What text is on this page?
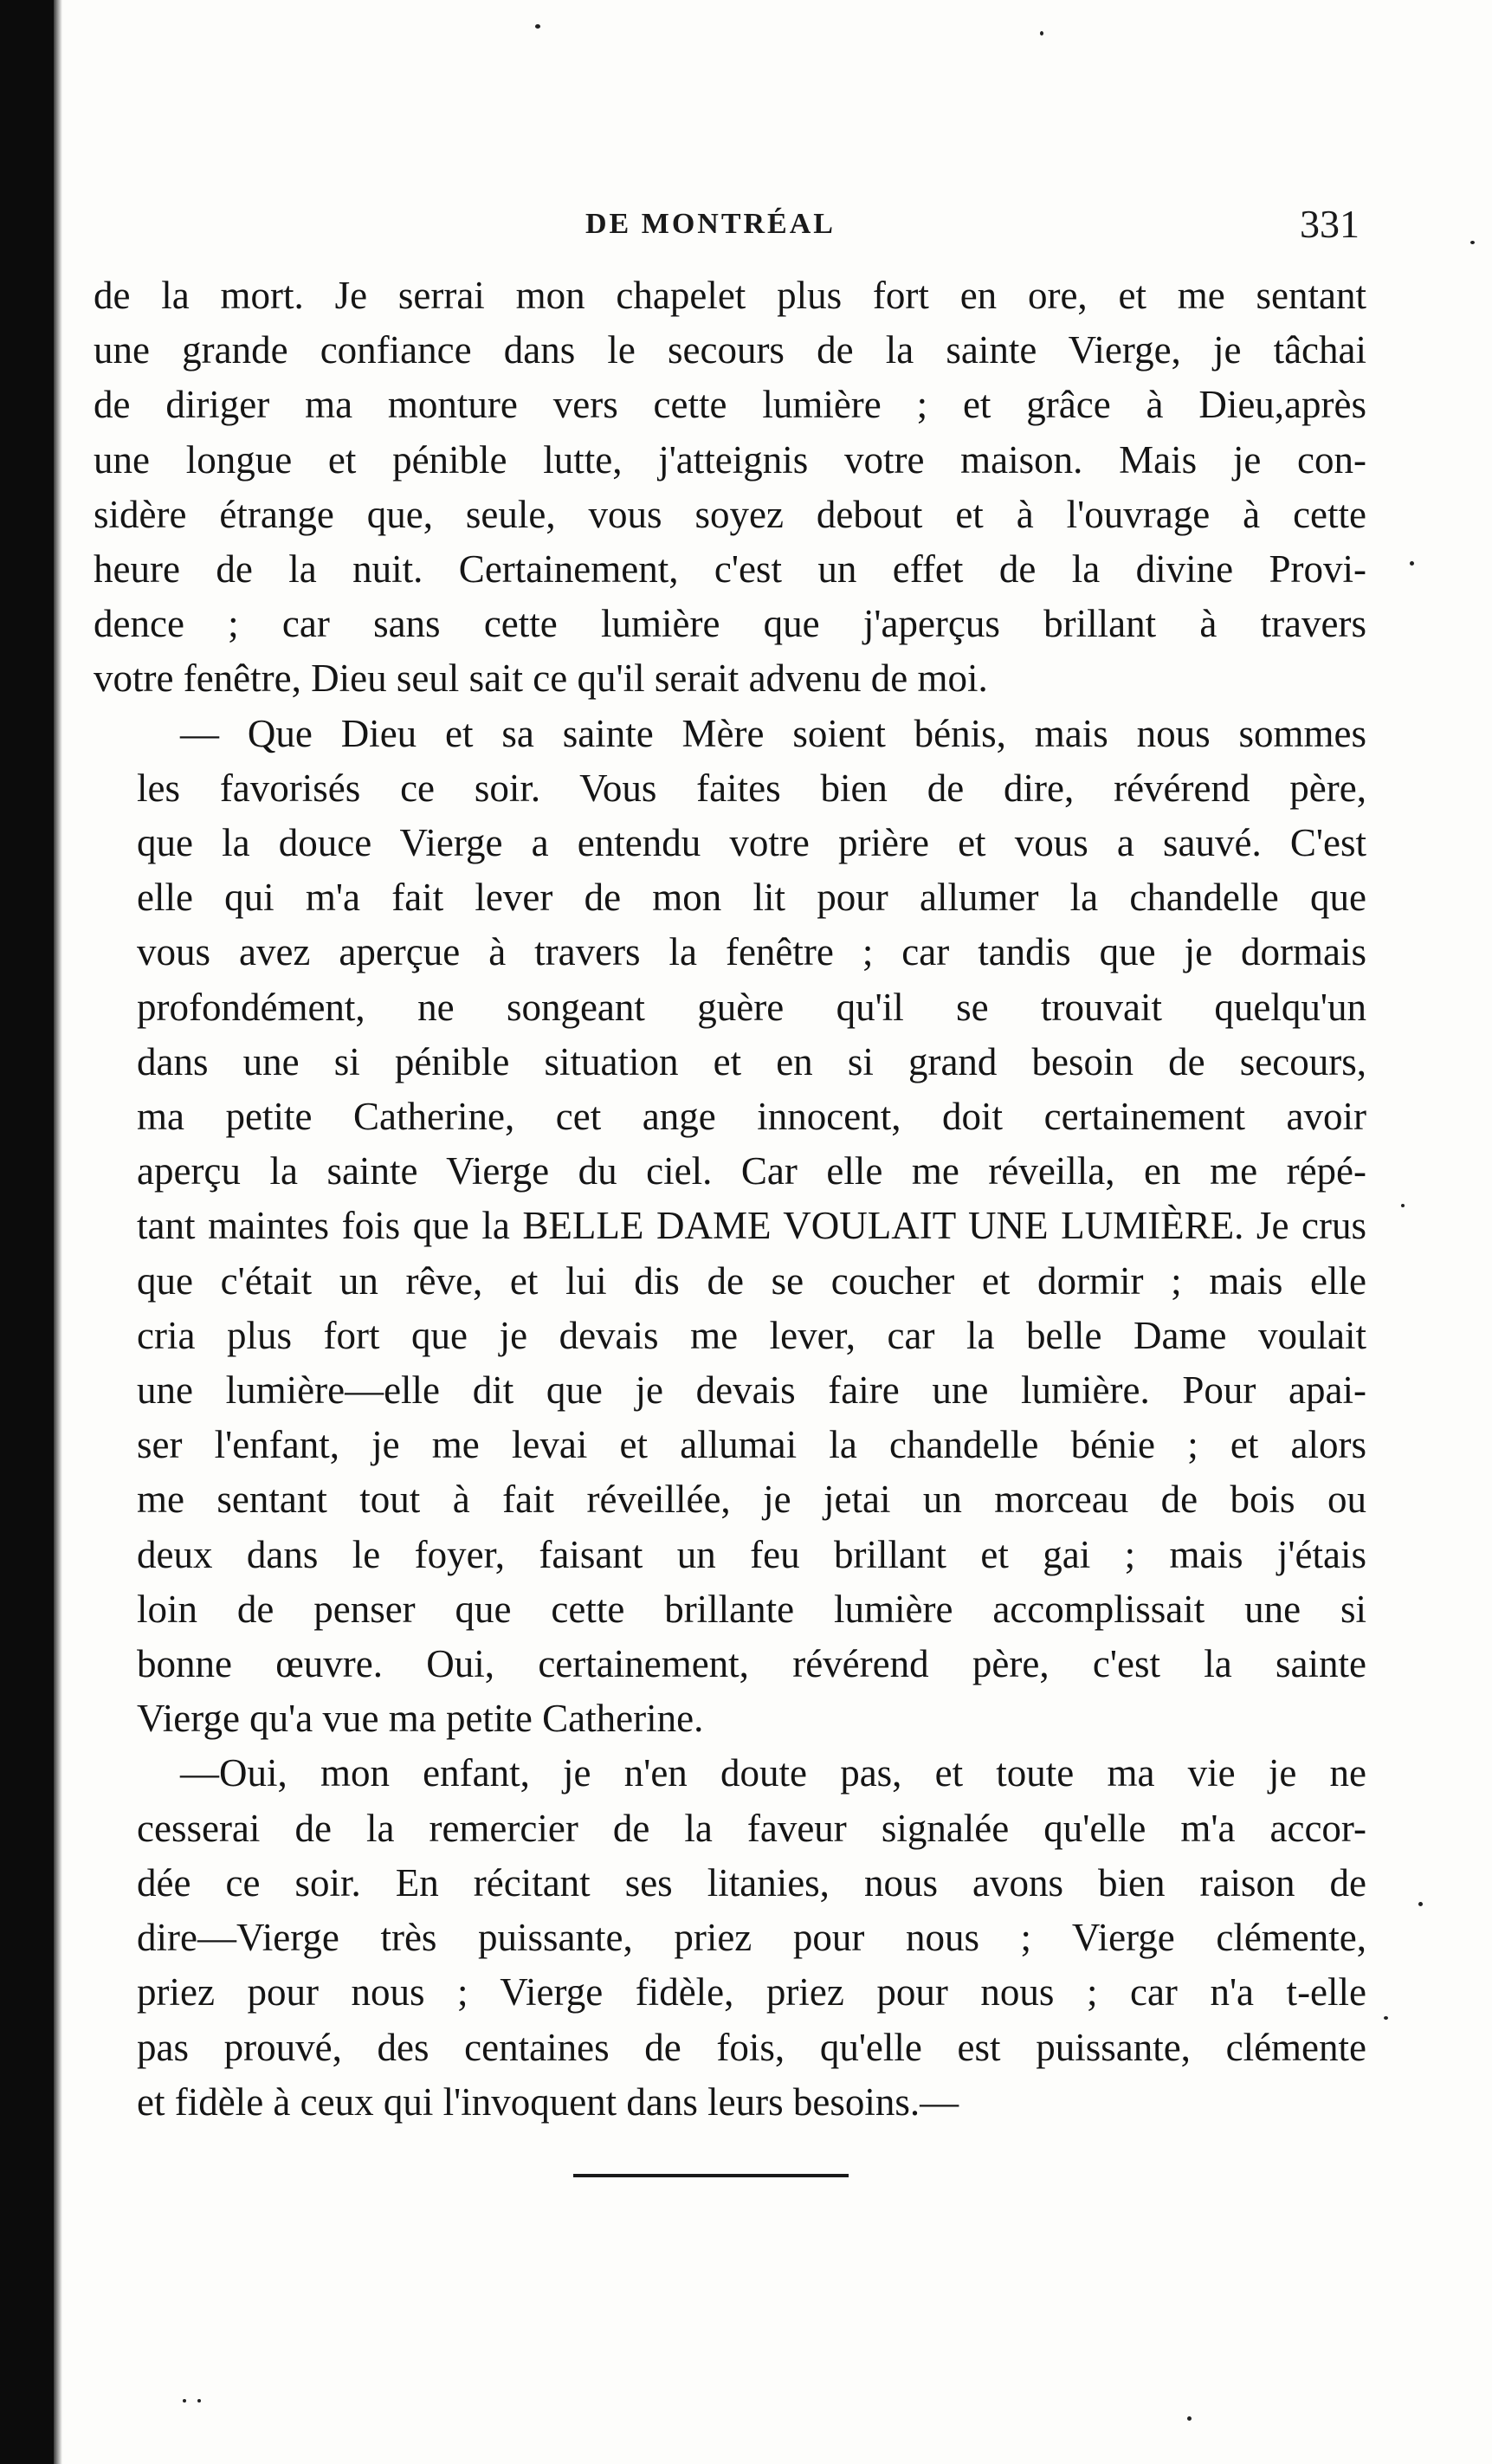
DE MONTRÉAL	331
de la mort. Je serrai mon chapelet plus fort en ore, et me sentant
une grande confiance dans le secours de la sainte Vierge, je tâchai
de diriger ma monture vers cette lumière ; et grâce à Dieu,après
une longue et pénible lutte, j'atteignis votre maison. Mais je con-
sidère étrange que, seule, vous soyez debout et à l'ouvrage à cette
heure de la nuit. Certainement, c'est un effet de la divine Provi-
dence ; car sans cette lumière que j'aperçus brillant à travers
votre fenêtre, Dieu seul sait ce qu'il serait advenu de moi.
— Que Dieu et sa sainte Mère soient bénis, mais nous sommes
les favorisés ce soir. Vous faites bien de dire, révérend père,
que la douce Vierge a entendu votre prière et vous a sauvé. C'est
elle qui m'a fait lever de mon lit pour allumer la chandelle que
vous avez aperçue à travers la fenêtre ; car tandis que je dormais
profondément, ne songeant guère qu'il se trouvait quelqu'un
dans une si pénible situation et en si grand besoin de secours,
ma petite Catherine, cet ange innocent, doit certainement avoir
aperçu la sainte Vierge du ciel. Car elle me réveilla, en me répé-
tant maintes fois que la BELLE DAME VOULAIT UNE LUMIÈRE. Je crus
que c'était un rêve, et lui dis de se coucher et dormir ; mais elle
cria plus fort que je devais me lever, car la belle Dame voulait
une lumière—elle dit que je devais faire une lumière. Pour apai-
ser l'enfant, je me levai et allumai la chandelle bénie ; et alors
me sentant tout à fait réveillée, je jetai un morceau de bois ou
deux dans le foyer, faisant un feu brillant et gai ; mais j'étais
loin de penser que cette brillante lumière accomplissait une si
bonne œuvre. Oui, certainement, révérend père, c'est la sainte
Vierge qu'a vue ma petite Catherine.
—Oui, mon enfant, je n'en doute pas, et toute ma vie je ne
cesserai de la remercier de la faveur signalée qu'elle m'a accor-
dée ce soir. En récitant ses litanies, nous avons bien raison de
dire—Vierge très puissante, priez pour nous ; Vierge clémente,
priez pour nous ; Vierge fidèle, priez pour nous ; car n'a t-elle
pas prouvé, des centaines de fois, qu'elle est puissante, clémente
et fidèle à ceux qui l'invoquent dans leurs besoins.—
